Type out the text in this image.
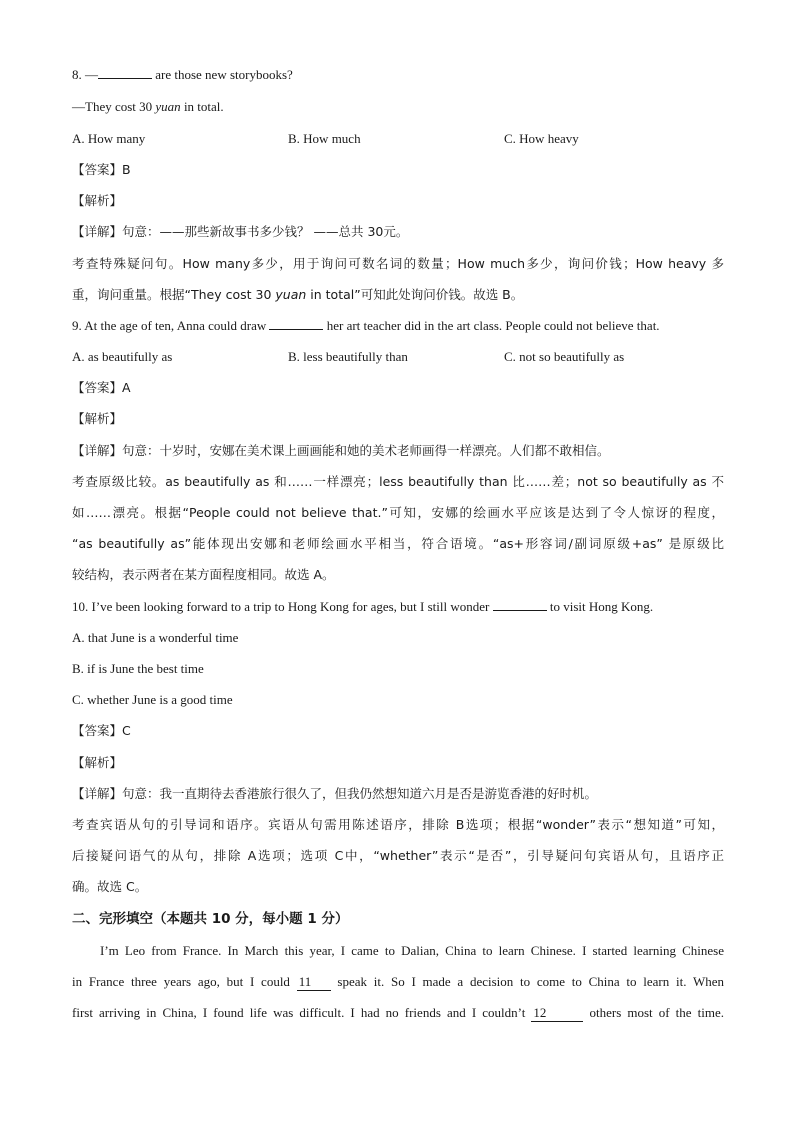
8. —	are those new storybooks?
—They cost 30 yuan in total.
A. How many	B. How much	C. How heavy
【答案】B
【解析】
【详解】句意：——那些新故事书多少钱？ ——总共 30元。
考查特殊疑问句。How many多少，用于询问可数名词的数量；How much多少，询问价钱；How heavy 多
重，询问重量。根据“They cost 30 yuan in total”可知此处询问价钱。故选 B。
9. At the age of ten, Anna could draw	her art teacher did in the art class. People could not believe that.
A. as beautifully as	B. less beautifully than	C. not so beautifully as
【答案】A
【解析】
【详解】句意：十岁时，安娜在美术课上画画能和她的美术老师画得一样漂亮。人们都不敢相信。
考查原级比较。as beautifully as 和……一样漂亮；less beautifully than 比……差；not so beautifully as 不
如……漂亮。根据“People could not believe that.”可知，安娜的绘画水平应该是达到了令人惊讶的程度，
“as beautifully as”能体现出安娜和老师绘画水平相当，符合语境。“as+形容词/副词原级+as” 是原级比
较结构，表示两者在某方面程度相同。故选 A。
10. I’ve been looking forward to a trip to Hong Kong for ages, but I still wonder	to visit Hong Kong.
A. that June is a wonderful time
B. if is June the best time
C. whether June is a good time
【答案】C
【解析】
【详解】句意：我一直期待去香港旅行很久了，但我仍然想知道六月是否是游览香港的好时机。
考查宾语从句的引导词和语序。宾语从句需用陈述语序，排除 B选项；根据“wonder”表示“想知道”可知，
后接疑问语气的从句，排除 A选项；选项 C中，“whether”表示“是否”，引导疑问句宾语从句，且语序正
确。故选 C。
二、完形填空（本题共 10 分，每小题 1 分）
I’m Leo from France. In March this year, I came to Dalian, China to learn Chinese. I started learning Chinese
in France three years ago, but I could 11 speak it. So I made a decision to come to China to learn it. When
first arriving in China, I found life was difficult. I had no friends and I couldn’t 12	others most of the time.
